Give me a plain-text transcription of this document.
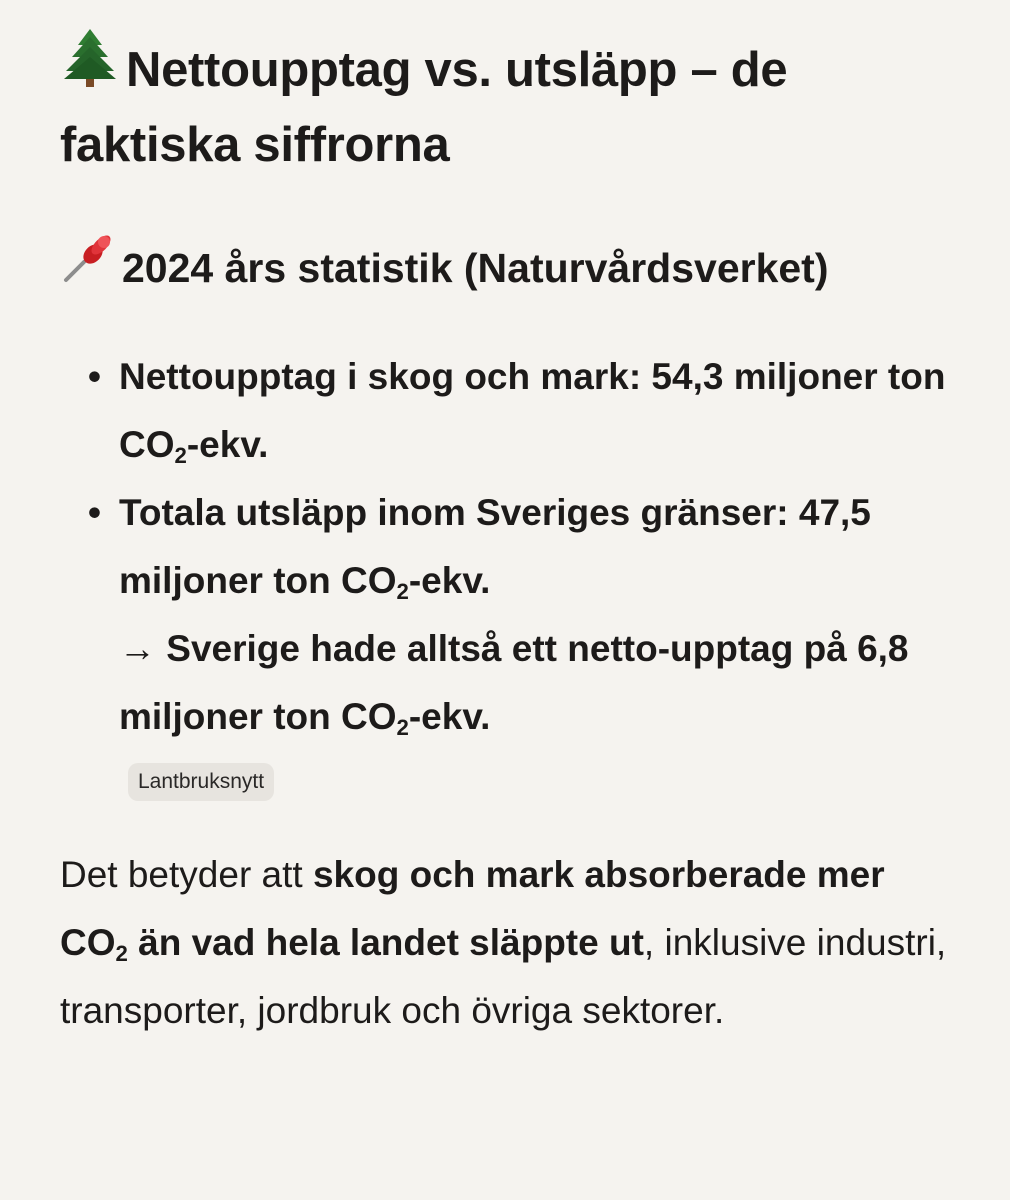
Nettoupptag vs. utsläpp – de faktiska siffrorna
2024 års statistik (Naturvårdsverket)
• Nettoupptag i skog och mark: 54,3 miljoner ton $CO_2$-ekv.
• Totala utsläpp inom Sveriges gränser: 47,5 miljoner ton $CO_2$-ekv.
→ Sverige hade alltså ett netto-upptag på 6,8 miljoner ton $CO_2$-ekv.
Lantbruksnytt

Det betyder att skog och mark absorberade mer $CO_2$ än vad hela landet släppte ut, inklusive industri, transporter, jordbruk och övriga sektorer.
